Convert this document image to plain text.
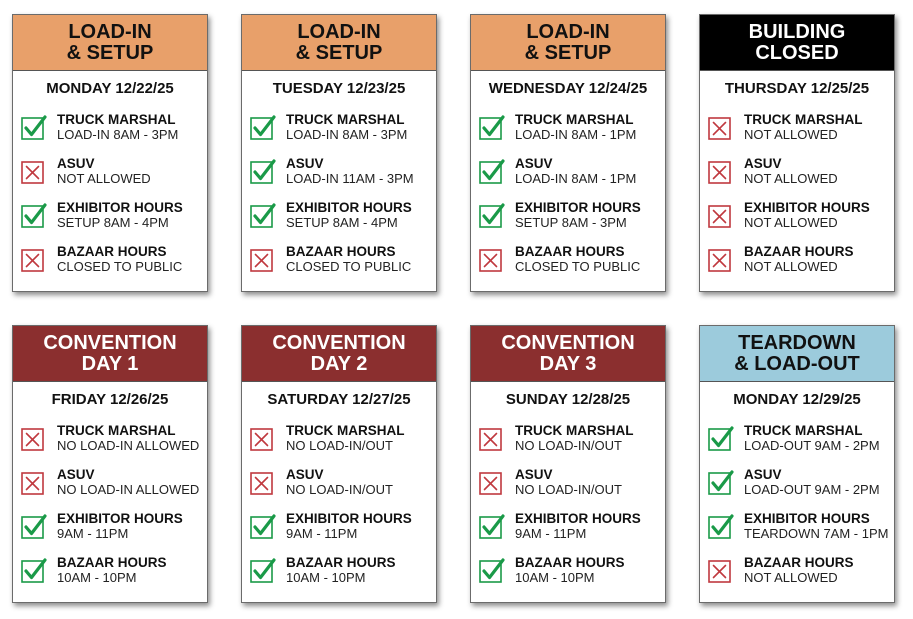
LOAD-IN
& SETUP
MONDAY 12/22/25
TRUCK MARSHAL
LOAD-IN 8AM - 3PM
ASUV
NOT ALLOWED
EXHIBITOR HOURS
SETUP 8AM - 4PM
BAZAAR HOURS
CLOSED TO PUBLIC
LOAD-IN
& SETUP
TUESDAY 12/23/25
TRUCK MARSHAL
LOAD-IN 8AM - 3PM
ASUV
LOAD-IN 11AM - 3PM
EXHIBITOR HOURS
SETUP 8AM - 4PM
BAZAAR HOURS
CLOSED TO PUBLIC
LOAD-IN
& SETUP
WEDNESDAY 12/24/25
TRUCK MARSHAL
LOAD-IN 8AM - 1PM
ASUV
LOAD-IN 8AM - 1PM
EXHIBITOR HOURS
SETUP 8AM - 3PM
BAZAAR HOURS
CLOSED TO PUBLIC
BUILDING
CLOSED
THURSDAY 12/25/25
TRUCK MARSHAL
NOT ALLOWED
ASUV
NOT ALLOWED
EXHIBITOR HOURS
NOT ALLOWED
BAZAAR HOURS
NOT ALLOWED
CONVENTION
DAY 1
FRIDAY 12/26/25
TRUCK MARSHAL
NO LOAD-IN ALLOWED
ASUV
NO LOAD-IN ALLOWED
EXHIBITOR HOURS
9AM - 11PM
BAZAAR HOURS
10AM - 10PM
CONVENTION
DAY 2
SATURDAY 12/27/25
TRUCK MARSHAL
NO LOAD-IN/OUT
ASUV
NO LOAD-IN/OUT
EXHIBITOR HOURS
9AM - 11PM
BAZAAR HOURS
10AM - 10PM
CONVENTION
DAY 3
SUNDAY 12/28/25
TRUCK MARSHAL
NO LOAD-IN/OUT
ASUV
NO LOAD-IN/OUT
EXHIBITOR HOURS
9AM - 11PM
BAZAAR HOURS
10AM - 10PM
TEARDOWN
& LOAD-OUT
MONDAY 12/29/25
TRUCK MARSHAL
LOAD-OUT 9AM - 2PM
ASUV
LOAD-OUT 9AM - 2PM
EXHIBITOR HOURS
TEARDOWN 7AM - 1PM
BAZAAR HOURS
NOT ALLOWED
